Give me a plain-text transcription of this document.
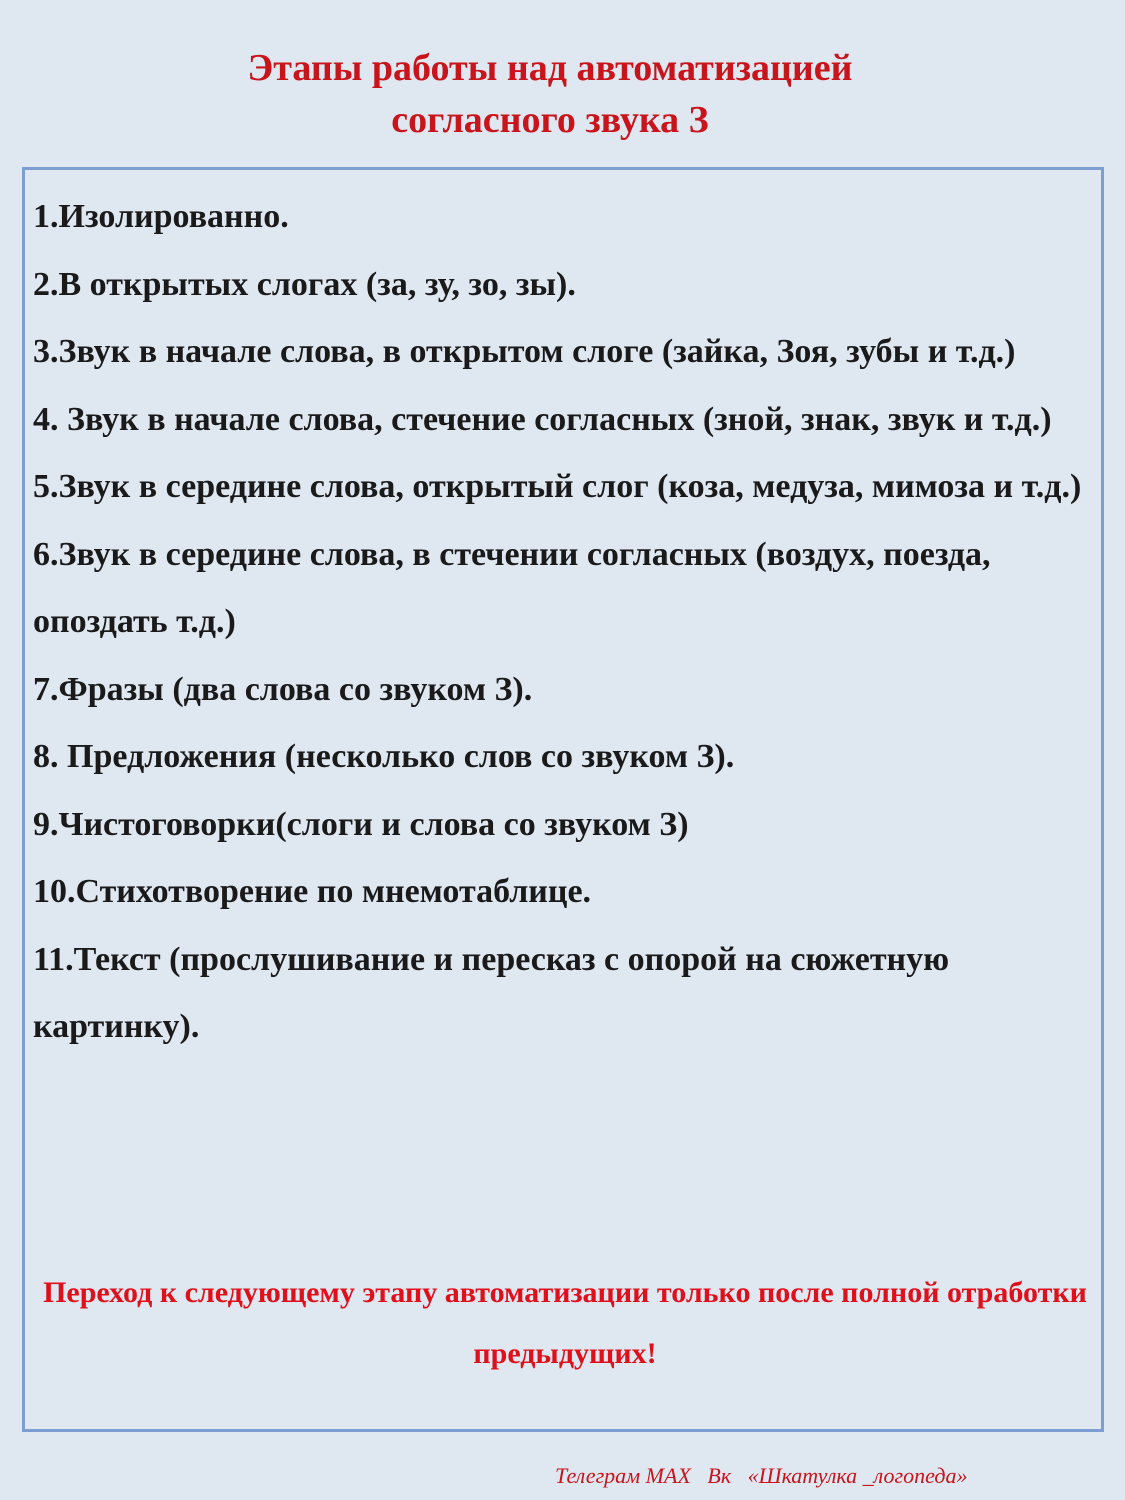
Этапы работы над автоматизацией
согласного звука З
1.Изолированно.
2.В открытых слогах (за, зу, зо, зы).
3.Звук в начале слова, в открытом слоге (зайка, Зоя, зубы и т.д.)
4. Звук в начале слова, стечение согласных (зной, знак, звук и т.д.)
5.Звук в середине слова, открытый слог (коза, медуза, мимоза и т.д.)
6.Звук в середине слова, в стечении согласных (воздух, поезда, опоздать т.д.)
7.Фразы (два слова со звуком З).
8. Предложения (несколько слов со звуком З).
9.Чистоговорки(слоги и слова со звуком З)
10.Стихотворение по мнемотаблице.
11.Текст (прослушивание и пересказ с опорой на сюжетную картинку).
Переход к следующему этапу автоматизации только после полной отработки предыдущих!
Телеграм МАХ   Вк   «Шкатулка _логопеда»
